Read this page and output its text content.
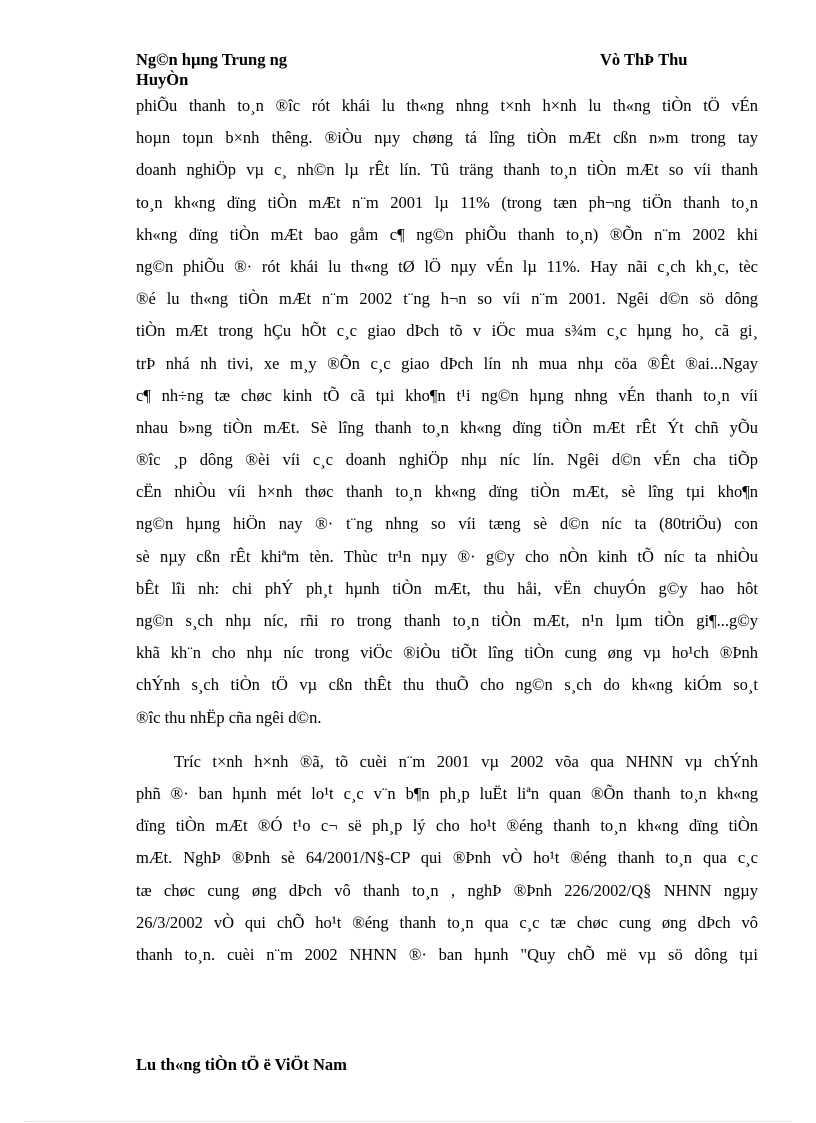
Ng©n hµng Trung ng	Vò ThÞ Thu
HuyÒn
phiÕu thanh to¸n ®îc rót khái lu th«ng nhng t×nh h×nh lu th«ng tiÒn tÖ vÉn
hoµn toµn b×nh thêng. ®iÒu nµy chøng tá lîng tiÒn mÆt cßn n»m trong tay
doanh nghiÖp vµ c¸ nh©n lµ rÊt lín. Tû träng thanh to¸n tiÒn mÆt so víi thanh
to¸n kh«ng dïng tiÒn mÆt n¨m 2001 lµ 11% (trong tæn ph¬ng tiÖn thanh to¸n
kh«ng dïng tiÒn mÆt bao gåm c¶ ng©n phiÕu thanh to¸n) ®Õn n¨m 2002 khi
ng©n phiÕu ®· rót khái lu th«ng tØ lÖ nµy vÉn lµ 11%. Hay nãi c¸ch kh¸c, tèc
®é lu th«ng tiÒn mÆt n¨m 2002 t¨ng h¬n so víi n¨m 2001. Ngêi d©n sö dông
tiÒn mÆt trong hÇu hÕt c¸c giao dÞch tõ v iÖc mua s¾m c¸c hµng ho¸ cã gi¸
trÞ nhá nh tivi, xe m¸y ®Õn c¸c giao dÞch lín nh mua nhµ cöa ®Êt ®ai...Ngay
c¶ nh÷ng tæ chøc kinh tÕ cã tµi kho¶n t¹i ng©n hµng nhng vÉn thanh to¸n víi
nhau b»ng tiÒn mÆt. Sè lîng thanh to¸n kh«ng dïng tiÒn mÆt rÊt Ýt chñ yÕu
®îc ¸p dông ®èi víi c¸c doanh nghiÖp nhµ níc lín. Ngêi d©n vÉn cha tiÕp
cËn nhiÒu víi h×nh thøc thanh to¸n kh«ng dïng tiÒn mÆt, sè lîng tµi kho¶n
ng©n hµng hiÖn nay ®· t¨ng nhng so víi tæng sè d©n níc ta (80triÖu) con
sè nµy cßn rÊt khiªm tèn. Thùc tr¹n nµy ®· g©y cho nÒn kinh tÕ níc ta nhiÒu
bÊt lîi nh: chi phÝ ph¸t hµnh tiÒn mÆt, thu håi, vËn chuyÓn g©y hao hôt
ng©n s¸ch nhµ níc, rñi ro trong thanh to¸n tiÒn mÆt, n¹n lµm tiÒn gi¶...g©y
khã kh¨n cho nhµ níc trong viÖc ®iÒu tiÕt lîng tiÒn cung øng vµ ho¹ch ®Þnh
chÝnh s¸ch tiÒn tÖ vµ cßn thÊt thu thuÕ cho ng©n s¸ch do kh«ng kiÓm so¸t
®îc thu nhËp cña ngêi d©n.
Tríc t×nh h×nh ®ã, tõ cuèi n¨m 2001 vµ 2002 võa qua NHNN vµ chÝnh
phñ ®· ban hµnh mét lo¹t c¸c v¨n b¶n ph¸p luËt liªn quan ®Õn thanh to¸n kh«ng
dïng tiÒn mÆt ®Ó t¹o c¬ së ph¸p lý cho ho¹t ®éng thanh to¸n kh«ng dïng tiÒn
mÆt. NghÞ ®Þnh sè 64/2001/N§-CP qui ®Þnh vÒ ho¹t ®éng thanh to¸n qua c¸c
tæ chøc cung øng dÞch vô thanh to¸n , nghÞ ®Þnh 226/2002/Q§ NHNN ngµy
26/3/2002 vÒ qui chÕ ho¹t ®éng thanh to¸n qua c¸c tæ chøc cung øng dÞch vô
thanh to¸n. cuèi n¨m 2002 NHNN ®· ban hµnh "Quy chÕ më vµ sö dông tµi
Lu th«ng tiÒn tÖ ë ViÖt Nam
